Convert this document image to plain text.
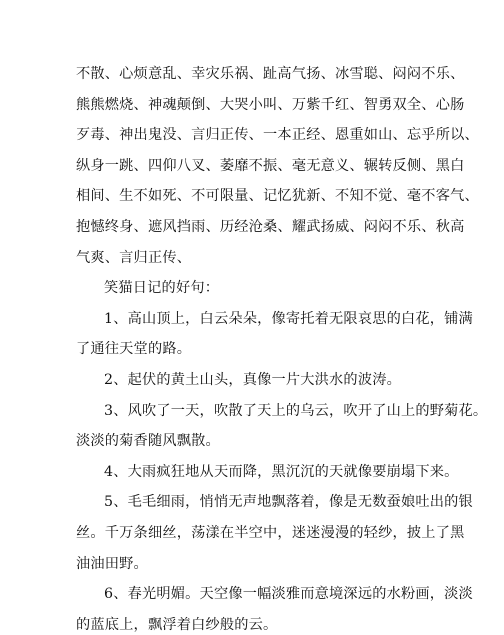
不散、心烦意乱、幸灾乐祸、趾高气扬、冰雪聪、闷闷不乐、
熊熊燃烧、神魂颠倒、大哭小叫、万紫千红、智勇双全、心肠
歹毒、神出鬼没、言归正传、一本正经、恩重如山、忘乎所以、
纵身一跳、四仰八叉、萎靡不振、毫无意义、辗转反侧、黑白
相间、生不如死、不可限量、记忆犹新、不知不觉、毫不客气、
抱憾终身、遮风挡雨、历经沧桑、耀武扬威、闷闷不乐、秋高
气爽、言归正传、
笑猫日记的好句：
1、高山顶上，白云朵朵，像寄托着无限哀思的白花，铺满
了通往天堂的路。
2、起伏的黄土山头，真像一片大洪水的波涛。
3、风吹了一天，吹散了天上的乌云，吹开了山上的野菊花。
淡淡的菊香随风飘散。
4、大雨疯狂地从天而降，黑沉沉的天就像要崩塌下来。
5、毛毛细雨，悄悄无声地飘落着，像是无数蚕娘吐出的银
丝。千万条细丝，荡漾在半空中，迷迷漫漫的轻纱，披上了黑
油油田野。
6、春光明媚。天空像一幅淡雅而意境深远的水粉画，淡淡
的蓝底上，飘浮着白纱般的云。
